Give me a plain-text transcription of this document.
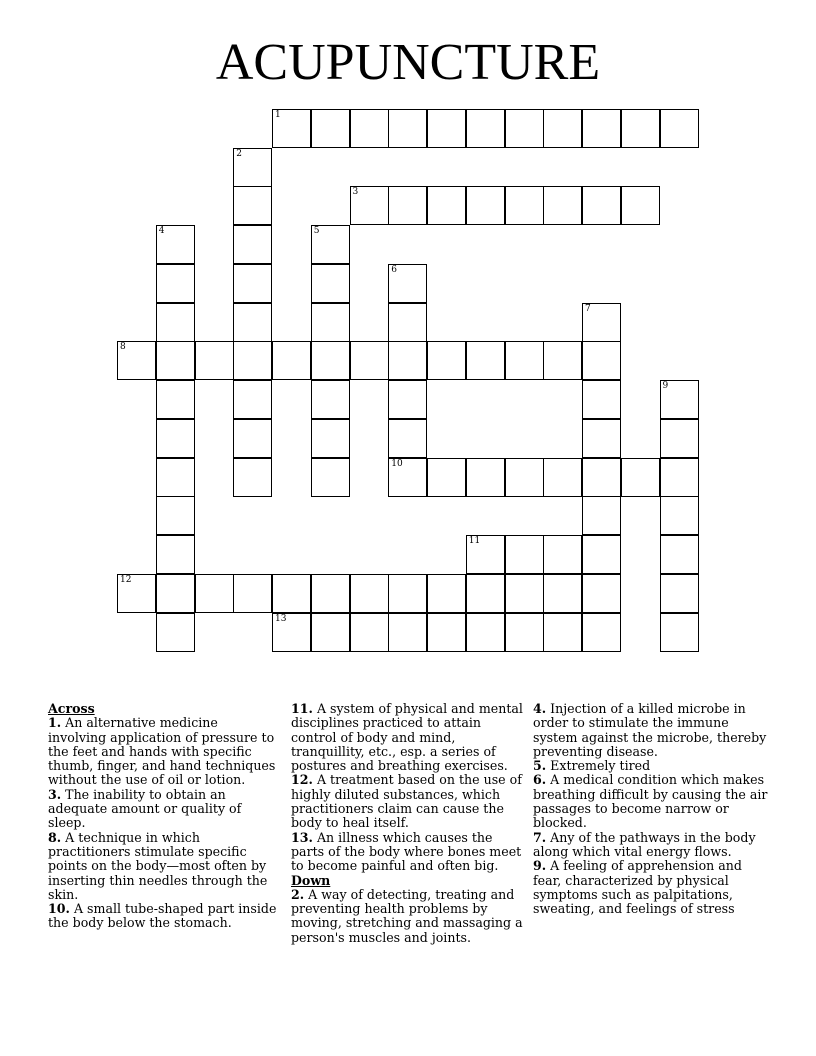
ACUPUNCTURE
1
2
3
4	5
6
10
7
8
9
11
12
13
Across

1. An alternative medicine involving application of pressure to the feet and hands with specific thumb, finger, and hand techniques without the use of oil or lotion.

3. The inability to obtain an adequate amount or quality of sleep.

8. A technique in which practitioners stimulate specific points on the body—most often by inserting thin needles through the skin.

10. A small tube-shaped part inside the body below the stomach.

11. A system of physical and mental disciplines practiced to attain control of body and mind, tranquillity, etc., esp. a series of postures and breathing exercises.

12. A treatment based on the use of highly diluted substances, which practitioners claim can cause the body to heal itself.

13. An illness which causes the parts of the body where bones meet to become painful and often big.

Down

2. A way of detecting, treating and preventing health problems by moving, stretching and massaging a person's muscles and joints.

4. Injection of a killed microbe in order to stimulate the immune system against the microbe, thereby preventing disease.

5. Extremely tired

6. A medical condition which makes breathing difficult by causing the air passages to become narrow or blocked.

7. Any of the pathways in the body along which vital energy flows.

9. A feeling of apprehension and fear, characterized by physical symptoms such as palpitations, sweating, and feelings of stress
